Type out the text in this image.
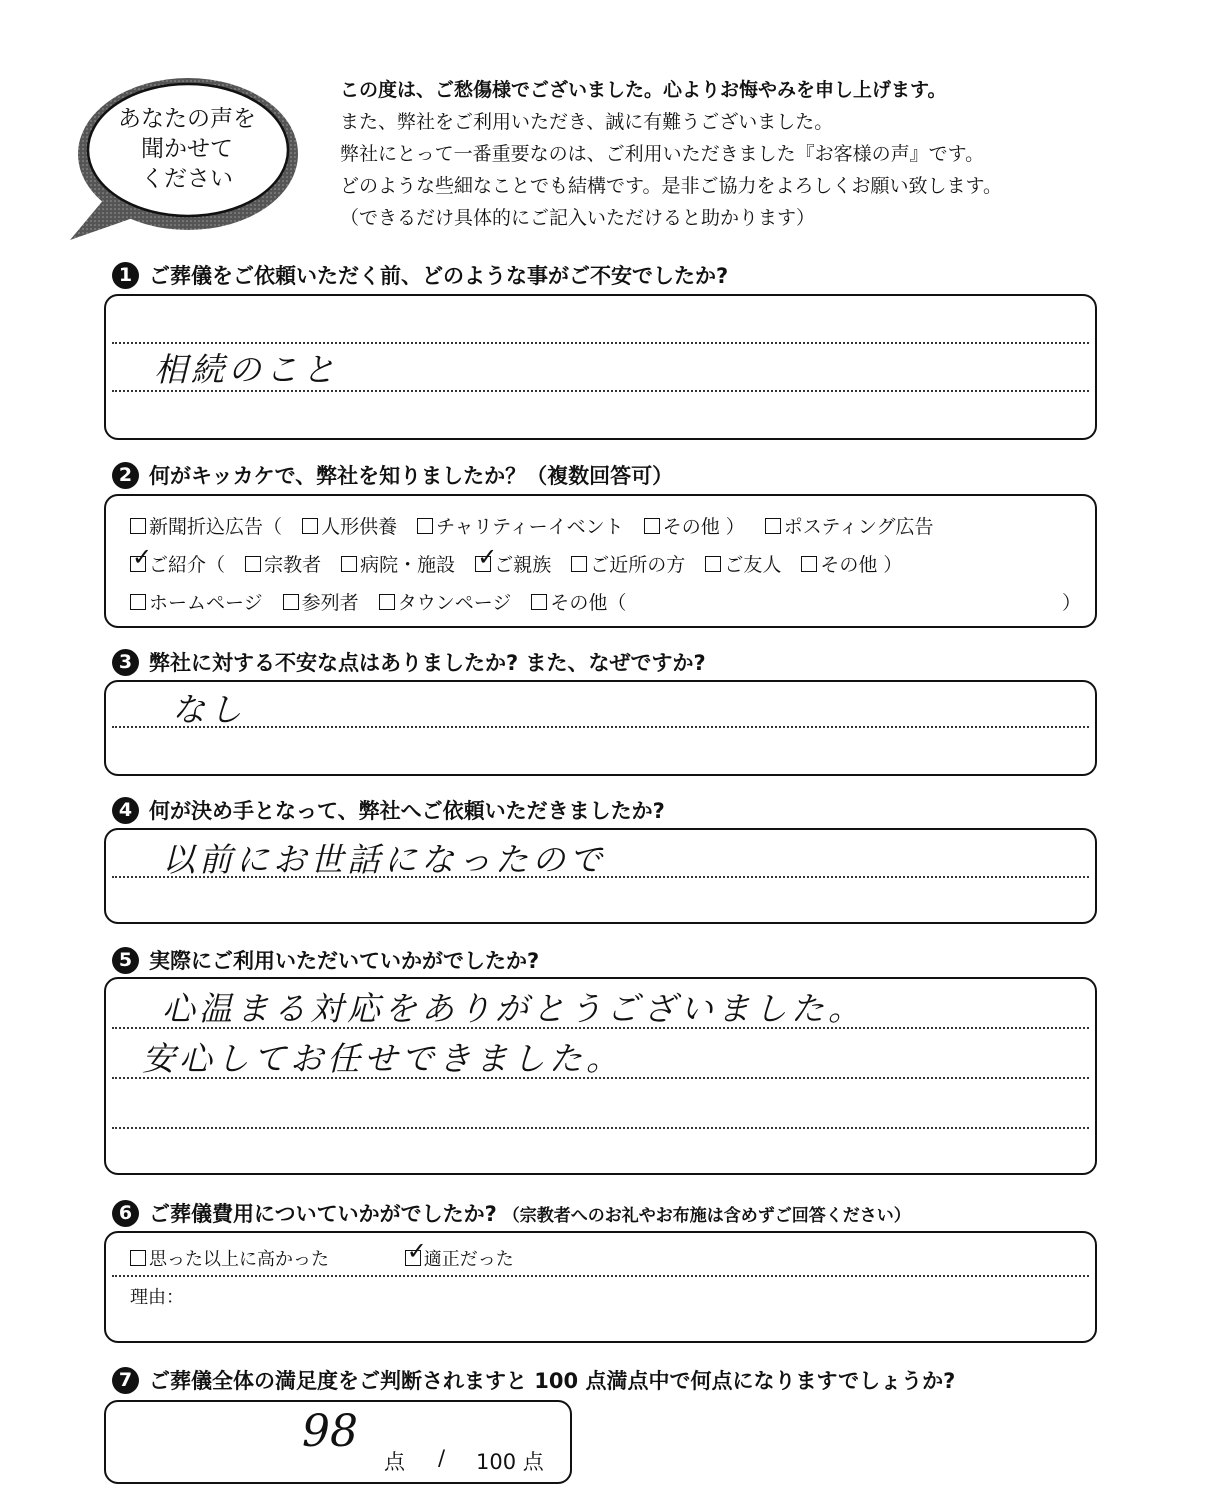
あなたの声を
聞かせて
ください
この度は、ご愁傷様でございました。心よりお悔やみを申し上げます。
また、弊社をご利用いただき、誠に有難うございました。
弊社にとって一番重要なのは、ご利用いただきました『お客様の声』です。
どのような些細なことでも結構です。是非ご協力をよろしくお願い致します。
（できるだけ具体的にご記入いただけると助かります）
1 ご葬儀をご依頼いただく前、どのような事がご不安でしたか?
相続のこと
2 何がキッカケで、弊社を知りましたか？（複数回答可）
新聞折込広告（ 人形供養 チャリティーイベント その他 ） ポスティング広告
✓ご紹介（ 宗教者 病院・施設 ✓ ご親族 ご近所の方 ご友人 その他 ）
ホームページ 参列者 タウンページ その他（	）
3 弊社に対する不安な点はありましたか? また、なぜですか?
なし
4 何が決め手となって、弊社へご依頼いただきましたか?
以前にお世話になったので
5 実際にご利用いただいていかがでしたか?
心温まる対応をありがとうございました。
安心してお任せできました。
6 ご葬儀費用についていかがでしたか? （宗教者へのお礼やお布施は含めずご回答ください）
思った以上に高かった ✓	適正だった
理由：
7 ご葬儀全体の満足度をご判断されますと 100 点満点中で何点になりますでしょうか?
98
点 / 100 点
